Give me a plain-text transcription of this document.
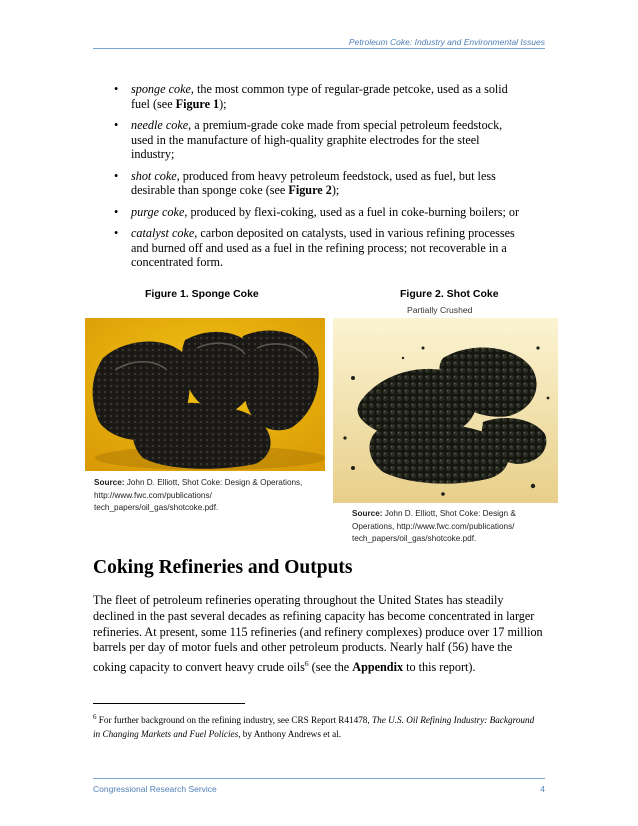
Petroleum Coke: Industry and Environmental Issues
• sponge coke, the most common type of regular-grade petcoke, used as a solid fuel (see Figure 1);
• needle coke, a premium-grade coke made from special petroleum feedstock, used in the manufacture of high-quality graphite electrodes for the steel industry;
• shot coke, produced from heavy petroleum feedstock, used as fuel, but less desirable than sponge coke (see Figure 2);
• purge coke, produced by flexi-coking, used as a fuel in coke-burning boilers; or
• catalyst coke, carbon deposited on catalysts, used in various refining processes and burned off and used as a fuel in the refining process; not recoverable in a concentrated form.
Figure 1. Sponge Coke
Source: John D. Elliott, Shot Coke: Design & Operations, http://www.fwc.com/publications/ tech_papers/oil_gas/shotcoke.pdf.
Figure 2. Shot Coke
Partially Crushed
Source: John D. Elliott, Shot Coke: Design & Operations, http://www.fwc.com/publications/ tech_papers/oil_gas/shotcoke.pdf.
Coking Refineries and Outputs
The fleet of petroleum refineries operating throughout the United States has steadily declined in the past several decades as refining capacity has become concentrated in larger refineries. At present, some 115 refineries (and refinery complexes) produce over 17 million barrels per day of motor fuels and other petroleum products. Nearly half (56) have the coking capacity to convert heavy crude oils$^6$ (see the Appendix to this report).
$^6$ For further background on the refining industry, see CRS Report R41478, The U.S. Oil Refining Industry: Background in Changing Markets and Fuel Policies, by Anthony Andrews et al.
Congressional Research Service	4
